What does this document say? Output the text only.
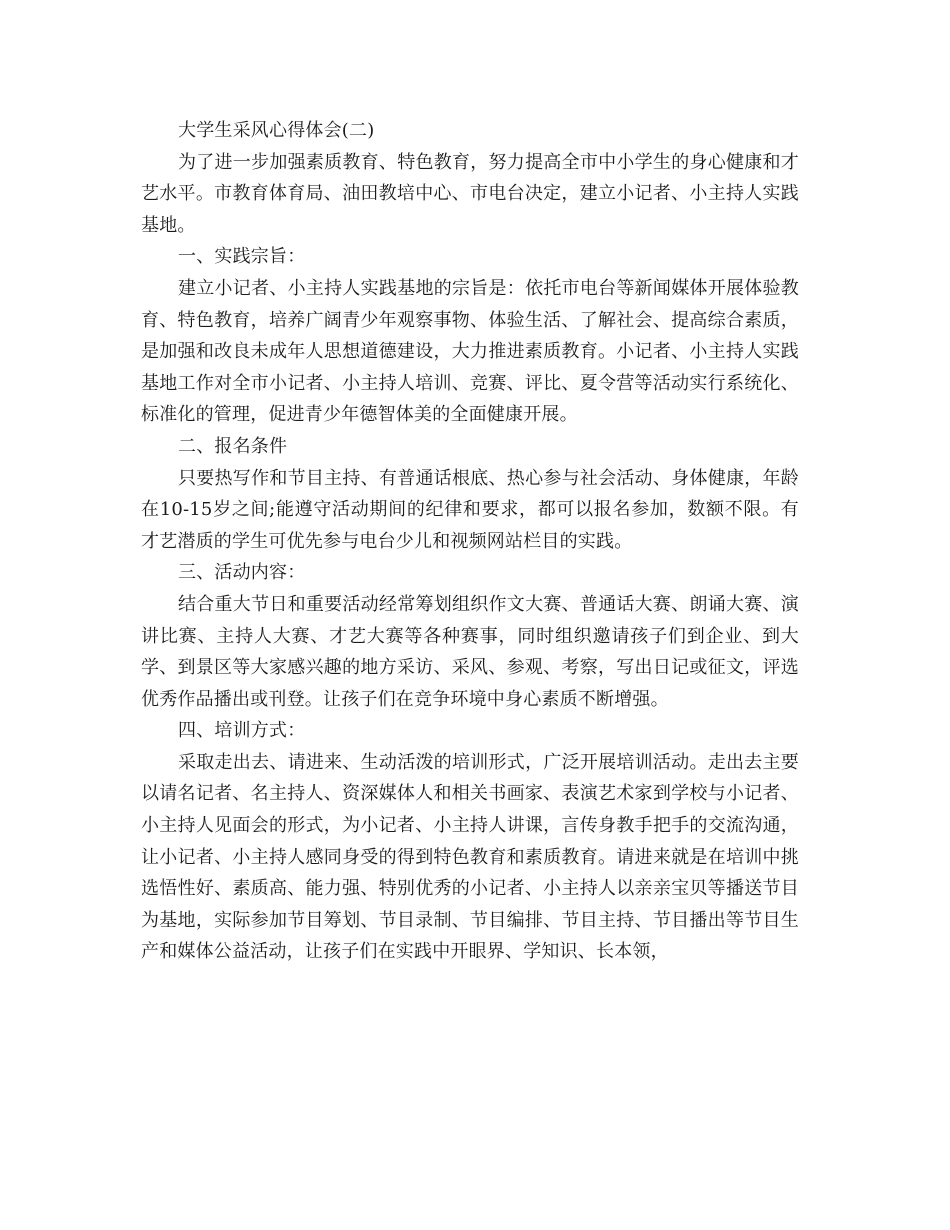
大学生采风心得体会(二)

为了进一步加强素质教育、特色教育，努力提高全市中小学生的身心健康和才艺水平。市教育体育局、油田教培中心、市电台决定，建立小记者、小主持人实践基地。

一、实践宗旨：

建立小记者、小主持人实践基地的宗旨是：依托市电台等新闻媒体开展体验教育、特色教育，培养广阔青少年观察事物、体验生活、了解社会、提高综合素质，是加强和改良未成年人思想道德建设，大力推进素质教育。小记者、小主持人实践基地工作对全市小记者、小主持人培训、竞赛、评比、夏令营等活动实行系统化、标准化的管理，促进青少年德智体美的全面健康开展。

二、报名条件

只要热写作和节目主持、有普通话根底、热心参与社会活动、身体健康，年龄在10-15岁之间;能遵守活动期间的纪律和要求，都可以报名参加，数额不限。有才艺潜质的学生可优先参与电台少儿和视频网站栏目的实践。

三、活动内容：

结合重大节日和重要活动经常筹划组织作文大赛、普通话大赛、朗诵大赛、演讲比赛、主持人大赛、才艺大赛等各种赛事，同时组织邀请孩子们到企业、到大学、到景区等大家感兴趣的地方采访、采风、参观、考察，写出日记或征文，评选优秀作品播出或刊登。让孩子们在竞争环境中身心素质不断增强。

四、培训方式：

采取走出去、请进来、生动活泼的培训形式，广泛开展培训活动。走出去主要以请名记者、名主持人、资深媒体人和相关书画家、表演艺术家到学校与小记者、小主持人见面会的形式，为小记者、小主持人讲课，言传身教手把手的交流沟通，让小记者、小主持人感同身受的得到特色教育和素质教育。请进来就是在培训中挑选悟性好、素质高、能力强、特别优秀的小记者、小主持人以亲亲宝贝等播送节目为基地，实际参加节目筹划、节目录制、节目编排、节目主持、节目播出等节目生产和媒体公益活动，让孩子们在实践中开眼界、学知识、长本领，
